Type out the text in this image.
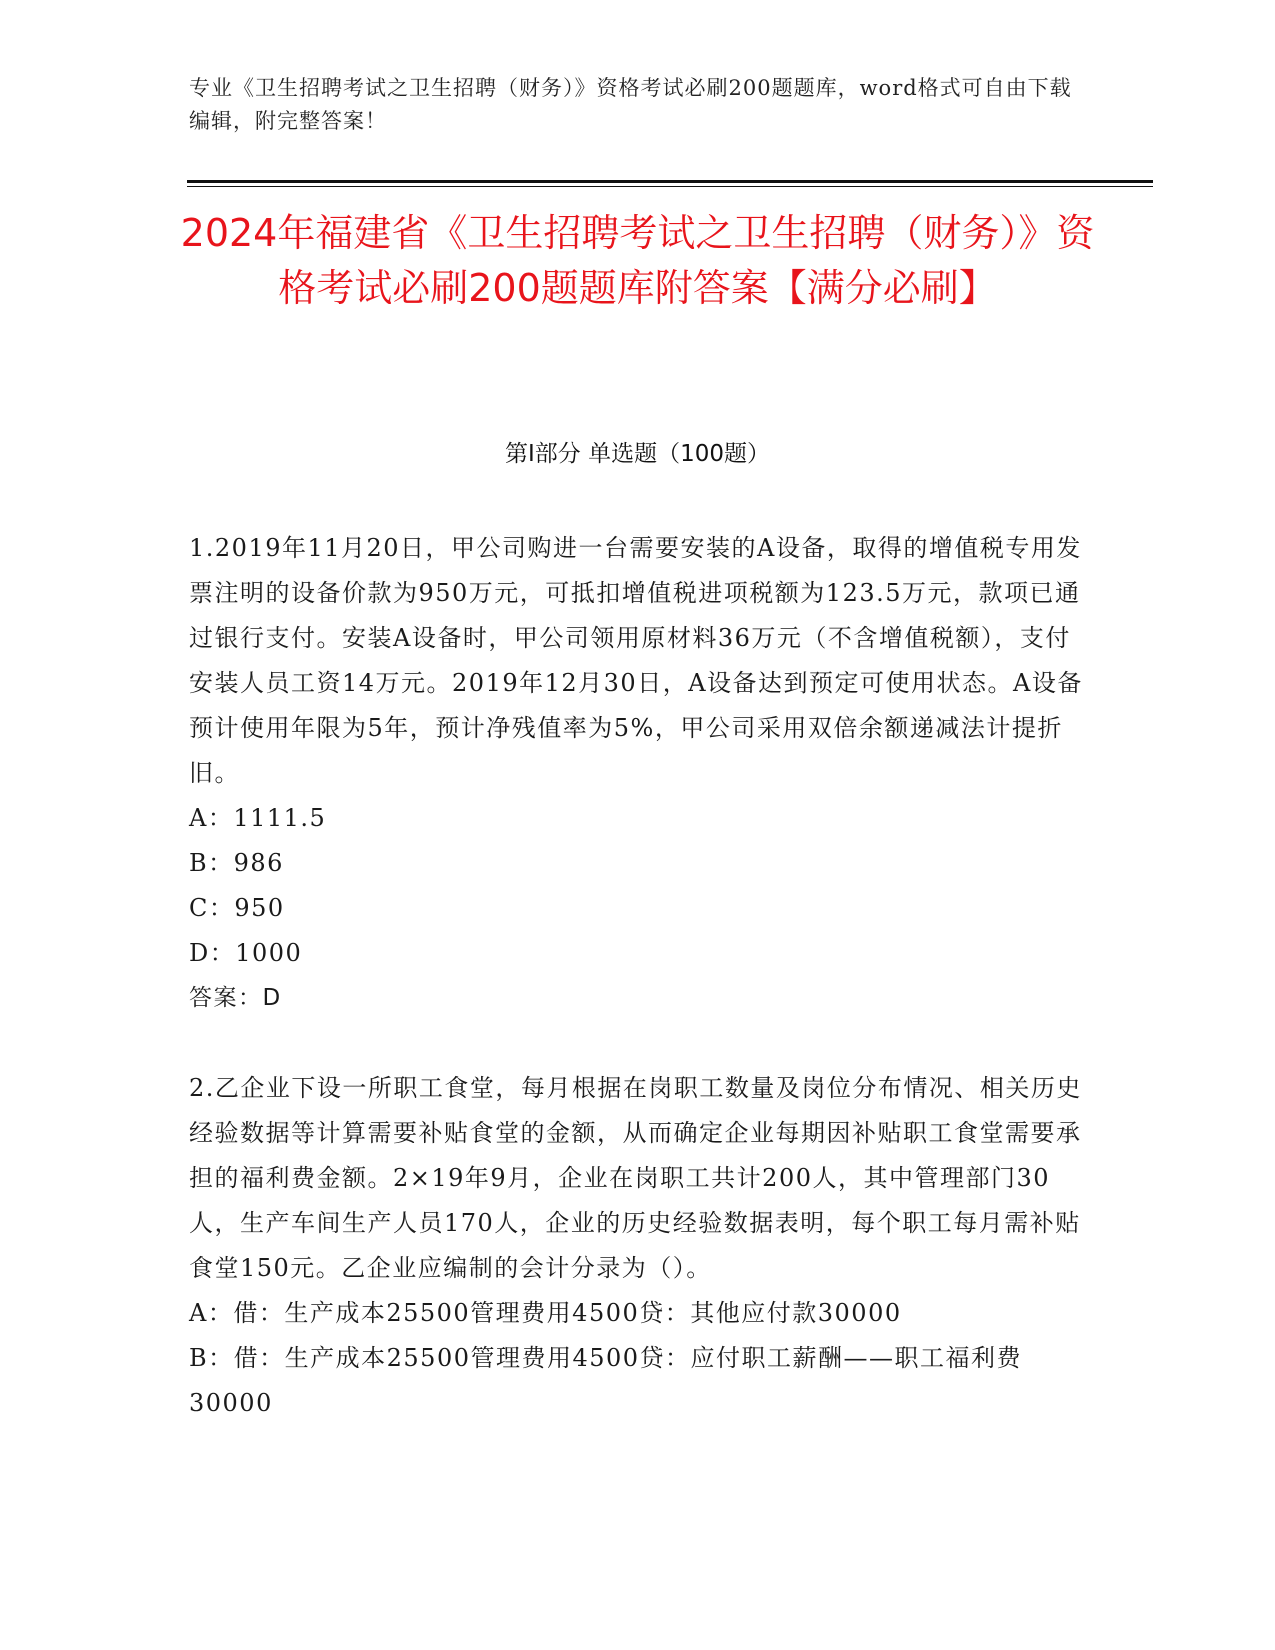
专业《卫生招聘考试之卫生招聘（财务）》资格考试必刷200题题库，word格式可自由下载编辑，附完整答案！
2024年福建省《卫生招聘考试之卫生招聘（财务）》资格考试必刷200题题库附答案【满分必刷】
第Ⅰ部分 单选题（100题）

1.2019年11月20日，甲公司购进一台需要安装的A设备，取得的增值税专用发票注明的设备价款为950万元，可抵扣增值税进项税额为123.5万元，款项已通过银行支付。安装A设备时，甲公司领用原材料36万元（不含增值税额），支付安装人员工资14万元。2019年12月30日，A设备达到预定可使用状态。A设备预计使用年限为5年，预计净残值率为5%，甲公司采用双倍余额递减法计提折旧。

A：1111.5

B：986

C：950

D：1000

答案：D

2.乙企业下设一所职工食堂，每月根据在岗职工数量及岗位分布情况、相关历史经验数据等计算需要补贴食堂的金额，从而确定企业每期因补贴职工食堂需要承担的福利费金额。2×19年9月，企业在岗职工共计200人，其中管理部门30人，生产车间生产人员170人，企业的历史经验数据表明，每个职工每月需补贴食堂150元。乙企业应编制的会计分录为（）。

A：借：生产成本25500管理费用4500贷：其他应付款30000

B：借：生产成本25500管理费用4500贷：应付职工薪酬——职工福利费30000
